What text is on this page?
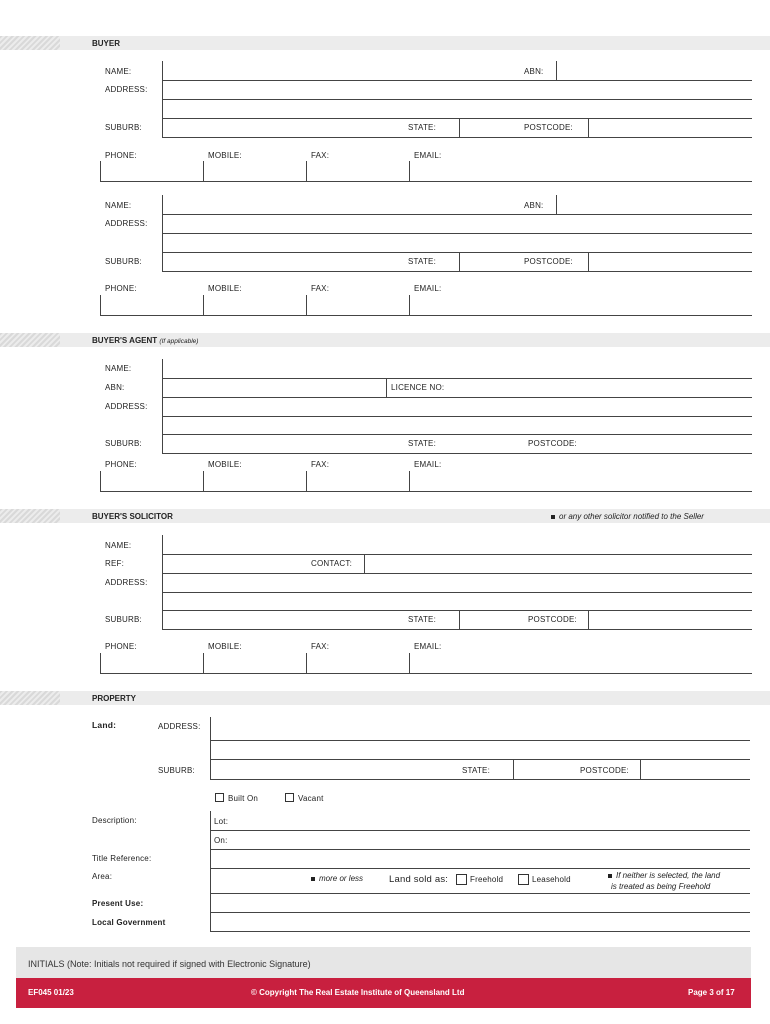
BUYER
NAME:	ABN:
ADDRESS:
SUBURB:	STATE:	POSTCODE:
PHONE:	MOBILE:	FAX:	EMAIL:
NAME:	ABN:
ADDRESS:
SUBURB:	STATE:	POSTCODE:
PHONE:	MOBILE:	FAX:	EMAIL:
BUYER'S AGENT (If applicable)
NAME:
ABN:	LICENCE NO:
ADDRESS:
SUBURB:	STATE:	POSTCODE:
PHONE:	MOBILE:	FAX:	EMAIL:
BUYER'S SOLICITOR	or any other solicitor notified to the Seller
NAME:
REF:	CONTACT:
ADDRESS:
SUBURB:	STATE:	POSTCODE:
PHONE:	MOBILE:	FAX:	EMAIL:
PROPERTY
Land:	ADDRESS:
SUBURB:	STATE:	POSTCODE:
Built On	Vacant
Description:	Lot:
On:
Title Reference:
Area:	more or less	Land sold as:	Freehold	Leasehold	If neither is selected, the land
is treated as being Freehold
Present Use:
Local Government
INITIALS (Note: Initials not required if signed with Electronic Signature)
EF045 01/23	© Copyright The Real Estate Institute of Queensland Ltd	Page 3 of 17
